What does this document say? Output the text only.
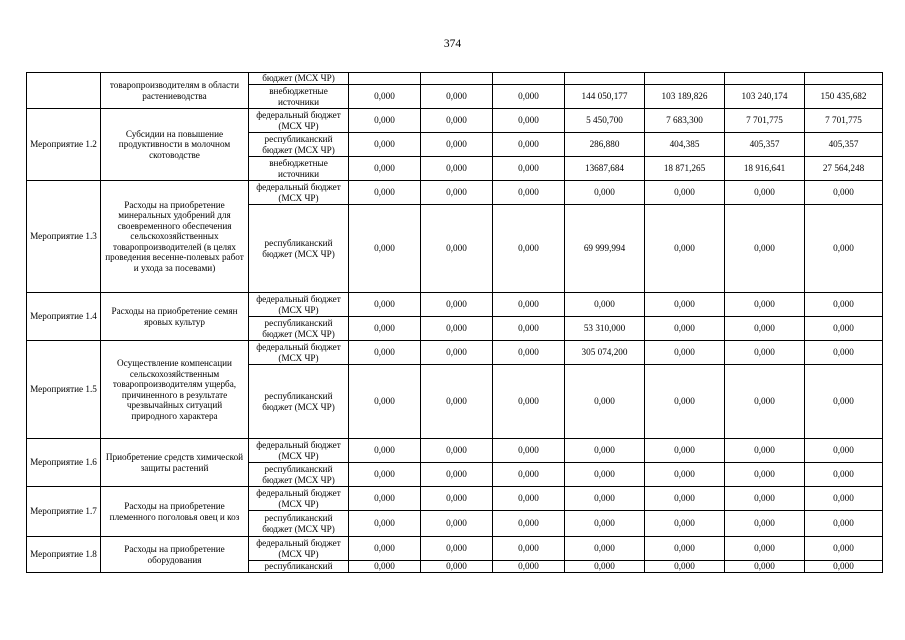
374
	товаропроизводителям в области растениеводства	бюджет (МСХ ЧР)							
		внебюджетные источники	0,000	0,000	0,000	144 050,177	103 189,826	103 240,174	150 435,682
Мероприятие 1.2	Субсидии на повышение продуктивности в молочном скотоводстве	федеральный бюджет (МСХ ЧР)	0,000	0,000	0,000	5 450,700	7 683,300	7 701,775	7 701,775
		республиканский бюджет (МСХ ЧР)	0,000	0,000	0,000	286,880	404,385	405,357	405,357
		внебюджетные источники	0,000	0,000	0,000	13687,684	18 871,265	18 916,641	27 564,248
Мероприятие 1.3	Расходы на приобретение минеральных удобрений для своевременного обеспечения сельскохозяйственных товаропроизводителей (в целях проведения весенне-полевых работ и ухода за посевами)	федеральный бюджет (МСХ ЧР)	0,000	0,000	0,000	0,000	0,000	0,000	0,000
		республиканский бюджет (МСХ ЧР)	0,000	0,000	0,000	69 999,994	0,000	0,000	0,000
Мероприятие 1.4	Расходы на приобретение семян яровых культур	федеральный бюджет (МСХ ЧР)	0,000	0,000	0,000	0,000	0,000	0,000	0,000
		республиканский бюджет (МСХ ЧР)	0,000	0,000	0,000	53 310,000	0,000	0,000	0,000
Мероприятие 1.5	Осуществление компенсации сельскохозяйственным товаропроизводителям ущерба, причиненного в результате чрезвычайных ситуаций природного характера	федеральный бюджет (МСХ ЧР)	0,000	0,000	0,000	305 074,200	0,000	0,000	0,000
		республиканский бюджет (МСХ ЧР)	0,000	0,000	0,000	0,000	0,000	0,000	0,000
Мероприятие 1.6	Приобретение средств химической защиты растений	федеральный бюджет (МСХ ЧР)	0,000	0,000	0,000	0,000	0,000	0,000	0,000
		республиканский бюджет (МСХ ЧР)	0,000	0,000	0,000	0,000	0,000	0,000	0,000
Мероприятие 1.7	Расходы на приобретение племенного поголовья овец и коз	федеральный бюджет (МСХ ЧР)	0,000	0,000	0,000	0,000	0,000	0,000	0,000
		республиканский бюджет (МСХ ЧР)	0,000	0,000	0,000	0,000	0,000	0,000	0,000
Мероприятие 1.8	Расходы на приобретение оборудования	федеральный бюджет (МСХ ЧР)	0,000	0,000	0,000	0,000	0,000	0,000	0,000
		республиканский	0,000	0,000	0,000	0,000	0,000	0,000	0,000
